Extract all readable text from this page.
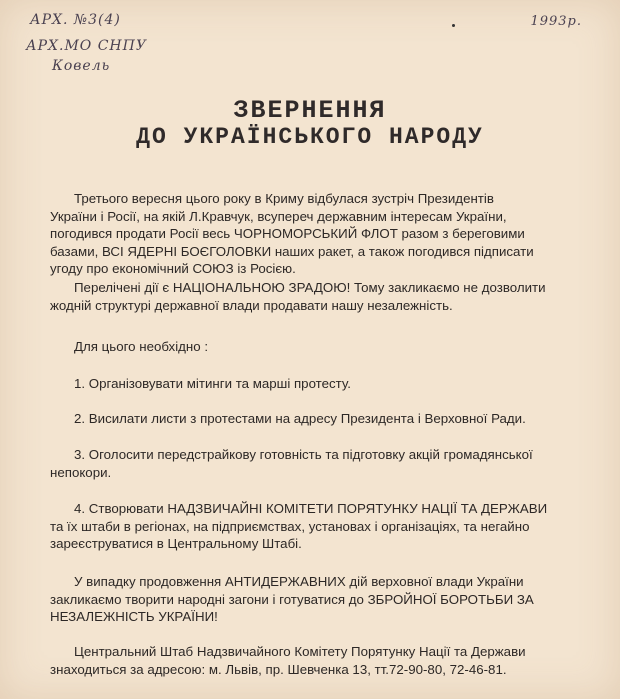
АРХ. №3(4)
АРХ.МО СНПУ
Ковель
1993р.
ЗВЕРНЕННЯ
ДО УКРАЇНСЬКОГО НАРОДУ

Третього вересня цього року в Криму відбулася зустріч Президентів
України і Росії, на якій Л.Кравчук, всупереч державним інтересам України,
погодився продати Росії весь ЧОРНОМОРСЬКИЙ ФЛОТ разом з береговими
базами, ВСІ ЯДЕРНІ БОЄГОЛОВКИ наших ракет, а також погодився підписати
угоду про економічний СОЮЗ із Росією.

Перелічені дії є НАЦІОНАЛЬНОЮ ЗРАДОЮ! Тому закликаємо не дозволити
жодній структурі державної влади продавати нашу незалежність.

Для цього необхідно :

1. Організовувати мітинги та марші протесту.

2. Висилати листи з протестами на адресу Президента і Верховної Ради.

3. Оголосити передстрайкову готовність та підготовку акцій громадянської
непокори.

4. Створювати НАДЗВИЧАЙНІ КОМІТЕТИ ПОРЯТУНКУ НАЦІЇ ТА ДЕРЖАВИ
та їх штаби в регіонах, на підприємствах, установах і організаціях, та негайно
зареєструватися в Центральному Штабі.

У випадку продовження АНТИДЕРЖАВНИХ дій верховної влади України
закликаємо творити народні загони і готуватися до ЗБРОЙНОЇ БОРОТЬБИ ЗА
НЕЗАЛЕЖНІСТЬ УКРАЇНИ!

Центральний Штаб Надзвичайного Комітету Порятунку Нації та Держави
знаходиться за адресою: м. Львів, пр. Шевченка 13, тт.72-90-80, 72-46-81.
